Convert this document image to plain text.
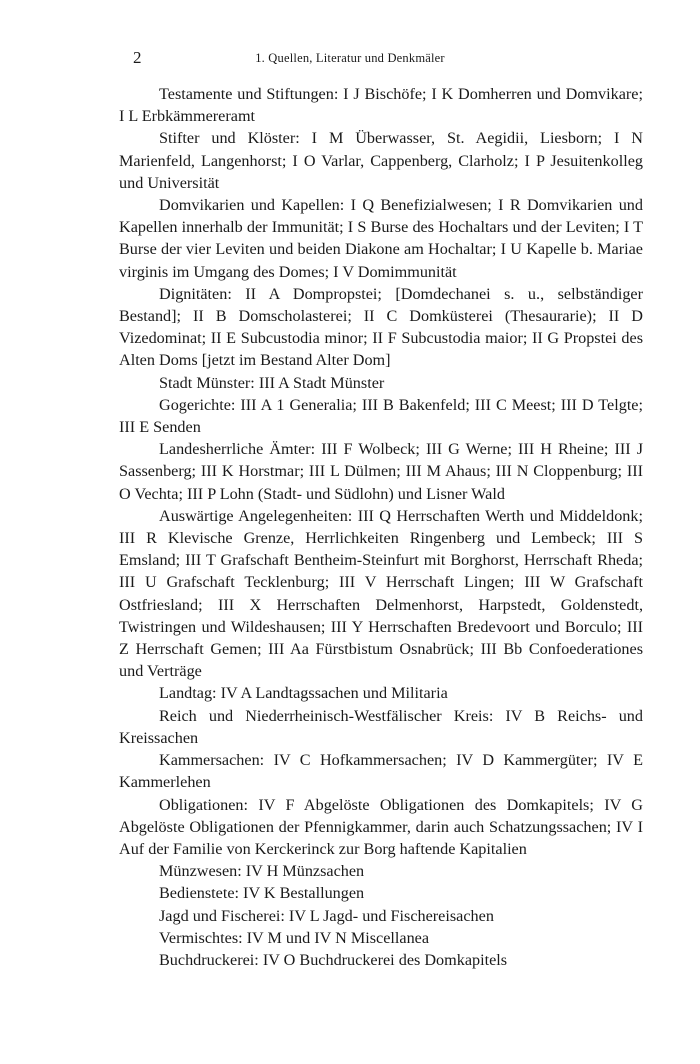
2	1. Quellen, Literatur und Denkmäler

Testamente und Stiftungen: I J Bischöfe; I K Domherren und Domvikare; I L Erbkämmereramt

Stifter und Klöster: I M Überwasser, St. Aegidii, Liesborn; I N Marienfeld, Langenhorst; I O Varlar, Cappenberg, Clarholz; I P Jesuitenkolleg und Universität

Domvikarien und Kapellen: I Q Benefizialwesen; I R Domvikarien und Kapellen innerhalb der Immunität; I S Burse des Hochaltars und der Leviten; I T Burse der vier Leviten und beiden Diakone am Hochaltar; I U Kapelle b. Mariae virginis im Umgang des Domes; I V Domimmunität

Dignitäten: II A Dompropstei; [Domdechanei s. u., selbständiger Bestand]; II B Domscholasterei; II C Domküsterei (Thesaurarie); II D Vizedominat; II E Subcustodia minor; II F Subcustodia maior; II G Propstei des Alten Doms [jetzt im Bestand Alter Dom]

Stadt Münster: III A Stadt Münster

Gogerichte: III A 1 Generalia; III B Bakenfeld; III C Meest; III D Telgte; III E Senden

Landesherrliche Ämter: III F Wolbeck; III G Werne; III H Rheine; III J Sassenberg; III K Horstmar; III L Dülmen; III M Ahaus; III N Cloppenburg; III O Vechta; III P Lohn (Stadt- und Südlohn) und Lisner Wald

Auswärtige Angelegenheiten: III Q Herrschaften Werth und Middeldonk; III R Klevische Grenze, Herrlichkeiten Ringenberg und Lembeck; III S Emsland; III T Grafschaft Bentheim-Steinfurt mit Borghorst, Herrschaft Rheda; III U Grafschaft Tecklenburg; III V Herrschaft Lingen; III W Grafschaft Ostfriesland; III X Herrschaften Delmenhorst, Harpstedt, Goldenstedt, Twistringen und Wildeshausen; III Y Herrschaften Bredevoort und Borculo; III Z Herrschaft Gemen; III Aa Fürstbistum Osnabrück; III Bb Confoederationes und Verträge

Landtag: IV A Landtagssachen und Militaria

Reich und Niederrheinisch-Westfälischer Kreis: IV B Reichs- und Kreissachen

Kammersachen: IV C Hofkammersachen; IV D Kammergüter; IV E Kammerlehen

Obligationen: IV F Abgelöste Obligationen des Domkapitels; IV G Abgelöste Obligationen der Pfennigkammer, darin auch Schatzungssachen; IV I Auf der Familie von Kerckerinck zur Borg haftende Kapitalien

Münzwesen: IV H Münzsachen

Bedienstete: IV K Bestallungen

Jagd und Fischerei: IV L Jagd- und Fischereisachen

Vermischtes: IV M und IV N Miscellanea

Buchdruckerei: IV O Buchdruckerei des Domkapitels
